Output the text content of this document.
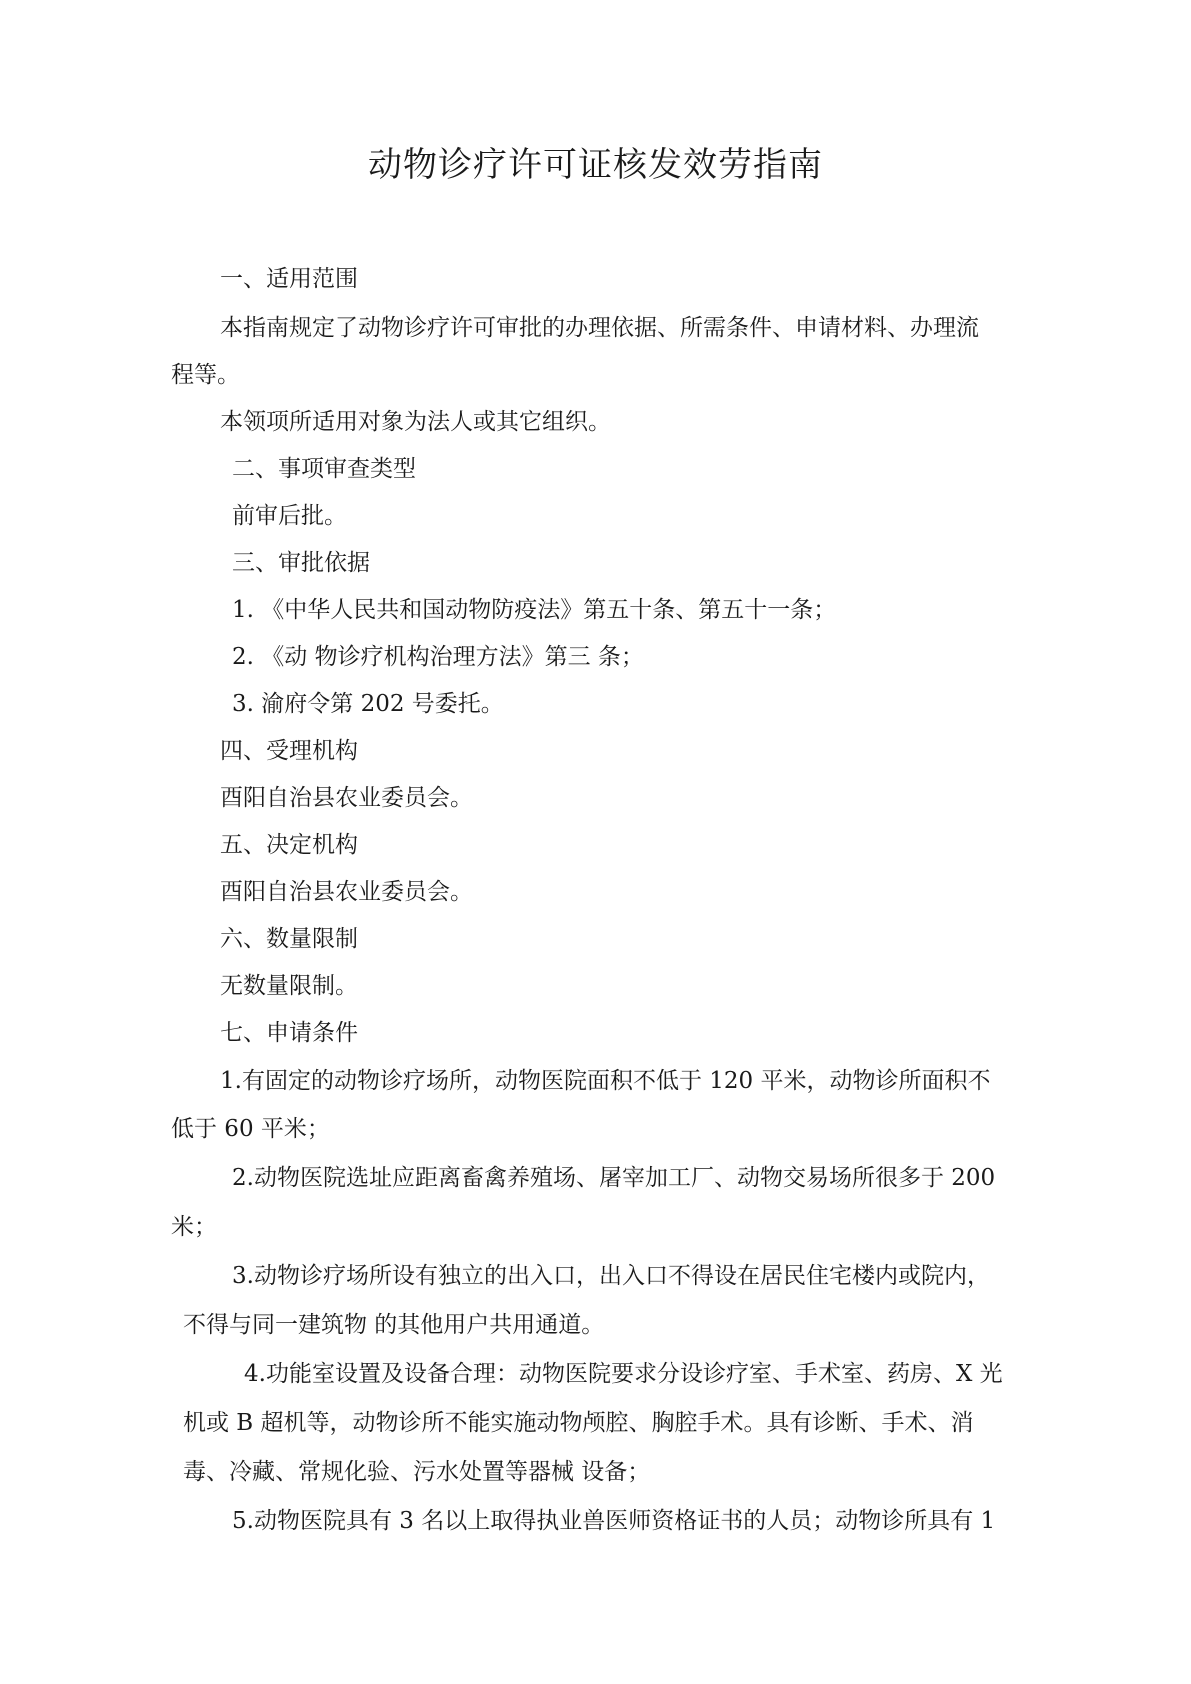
动物诊疗许可证核发效劳指南
一、适用范围
本指南规定了动物诊疗许可审批的办理依据、所需条件、申请材料、办理流
程等。
本领项所适用对象为法人或其它组织。
二、事项审查类型
前审后批。
三、审批依据
1. 《中华人民共和国动物防疫法》第五十条、第五十一条；
2. 《动 物诊疗机构治理方法》第三 条；
3. 渝府令第 202 号委托。
四、受理机构
酉阳自治县农业委员会。
五、决定机构
酉阳自治县农业委员会。
六、数量限制
无数量限制。
七、申请条件
1.有固定的动物诊疗场所，动物医院面积不低于 120 平米，动物诊所面积不
低于 60 平米；
2.动物医院选址应距离畜禽养殖场、屠宰加工厂、动物交易场所很多于 200
米；
3.动物诊疗场所设有独立的出入口，出入口不得设在居民住宅楼内或院内，
不得与同一建筑物 的其他用户共用通道。
4.功能室设置及设备合理：动物医院要求分设诊疗室、手术室、药房、X 光
机或 B 超机等，动物诊所不能实施动物颅腔、胸腔手术。具有诊断、手术、消
毒、冷藏、常规化验、污水处置等器械 设备；
5.动物医院具有 3 名以上取得执业兽医师资格证书的人员；动物诊所具有 1
